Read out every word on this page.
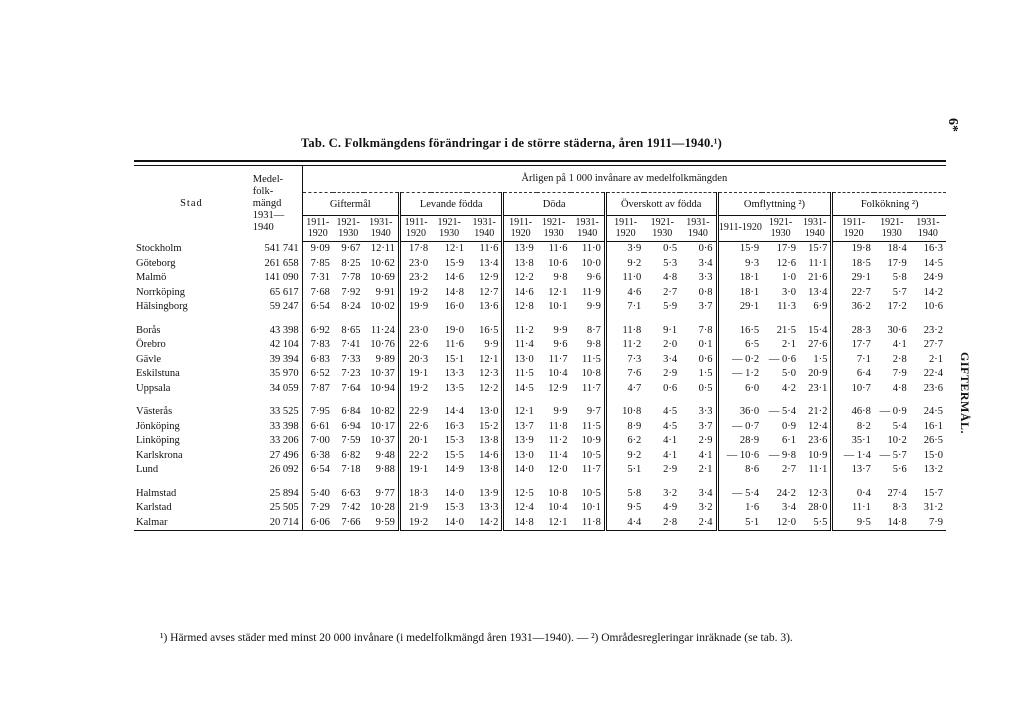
6*
GIFTERMÅL.
Tab. C. Folkmängdens förändringar i de större städerna, åren 1911—1940.¹)
Stad	Medel-folk-mängd 1931—1940	Årligen på 1 000 invånare av medelfolkmängden																	
		Giftermål			Levande födda			Döda			Överskott av födda			Omflyttning ²)			Folkökning ²)		
		1911-1920	1921-1930	1931-1940	1911-1920	1921-1930	1931-1940	1911-1920	1921-1930	1931-1940	1911-1920	1921-1930	1931-1940	1911-1920	1921-1930	1931-1940	1911-1920	1921-1930	1931-1940
Stockholm	541 741	9·09	9·67	12·11	17·8	12·1	11·6	13·9	11·6	11·0	3·9	0·5	0·6	15·9	17·9	15·7	19·8	18·4	16·3
Göteborg	261 658	7·85	8·25	10·62	23·0	15·9	13·4	13·8	10·6	10·0	9·2	5·3	3·4	9·3	12·6	11·1	18·5	17·9	14·5
Malmö	141 090	7·31	7·78	10·69	23·2	14·6	12·9	12·2	9·8	9·6	11·0	4·8	3·3	18·1	1·0	21·6	29·1	5·8	24·9
Norrköping	65 617	7·68	7·92	9·91	19·2	14·8	12·7	14·6	12·1	11·9	4·6	2·7	0·8	18·1	3·0	13·4	22·7	5·7	14·2
Hälsingborg	59 247	6·54	8·24	10·02	19·9	16·0	13·6	12·8	10·1	9·9	7·1	5·9	3·7	29·1	11·3	6·9	36·2	17·2	10·6

Borås	43 398	6·92	8·65	11·24	23·0	19·0	16·5	11·2	9·9	8·7	11·8	9·1	7·8	16·5	21·5	15·4	28·3	30·6	23·2
Örebro	42 104	7·83	7·41	10·76	22·6	11·6	9·9	11·4	9·6	9·8	11·2	2·0	0·1	6·5	2·1	27·6	17·7	4·1	27·7
Gävle	39 394	6·83	7·33	9·89	20·3	15·1	12·1	13·0	11·7	11·5	7·3	3·4	0·6	— 0·2	— 0·6	1·5	7·1	2·8	2·1
Eskilstuna	35 970	6·52	7·23	10·37	19·1	13·3	12·3	11·5	10·4	10·8	7·6	2·9	1·5	— 1·2	5·0	20·9	6·4	7·9	22·4
Uppsala	34 059	7·87	7·64	10·94	19·2	13·5	12·2	14·5	12·9	11·7	4·7	0·6	0·5	6·0	4·2	23·1	10·7	4·8	23·6

Västerås	33 525	7·95	6·84	10·82	22·9	14·4	13·0	12·1	9·9	9·7	10·8	4·5	3·3	36·0	— 5·4	21·2	46·8	— 0·9	24·5
Jönköping	33 398	6·61	6·94	10·17	22·6	16·3	15·2	13·7	11·8	11·5	8·9	4·5	3·7	— 0·7	0·9	12·4	8·2	5·4	16·1
Linköping	33 206	7·00	7·59	10·37	20·1	15·3	13·8	13·9	11·2	10·9	6·2	4·1	2·9	28·9	6·1	23·6	35·1	10·2	26·5
Karlskrona	27 496	6·38	6·82	9·48	22·2	15·5	14·6	13·0	11·4	10·5	9·2	4·1	4·1	— 10·6	— 9·8	10·9	— 1·4	— 5·7	15·0
Lund	26 092	6·54	7·18	9·88	19·1	14·9	13·8	14·0	12·0	11·7	5·1	2·9	2·1	8·6	2·7	11·1	13·7	5·6	13·2

Halmstad	25 894	5·40	6·63	9·77	18·3	14·0	13·9	12·5	10·8	10·5	5·8	3·2	3·4	— 5·4	24·2	12·3	0·4	27·4	15·7
Karlstad	25 505	7·29	7·42	10·28	21·9	15·3	13·3	12·4	10·4	10·1	9·5	4·9	3·2	1·6	3·4	28·0	11·1	8·3	31·2
Kalmar	20 714	6·06	7·66	9·59	19·2	14·0	14·2	14·8	12·1	11·8	4·4	2·8	2·4	5·1	12·0	5·5	9·5	14·8	7·9
¹) Härmed avses städer med minst 20 000 invånare (i medelfolkmängd åren 1931—1940). — ²) Områdesregleringar inräknade (se tab. 3).
